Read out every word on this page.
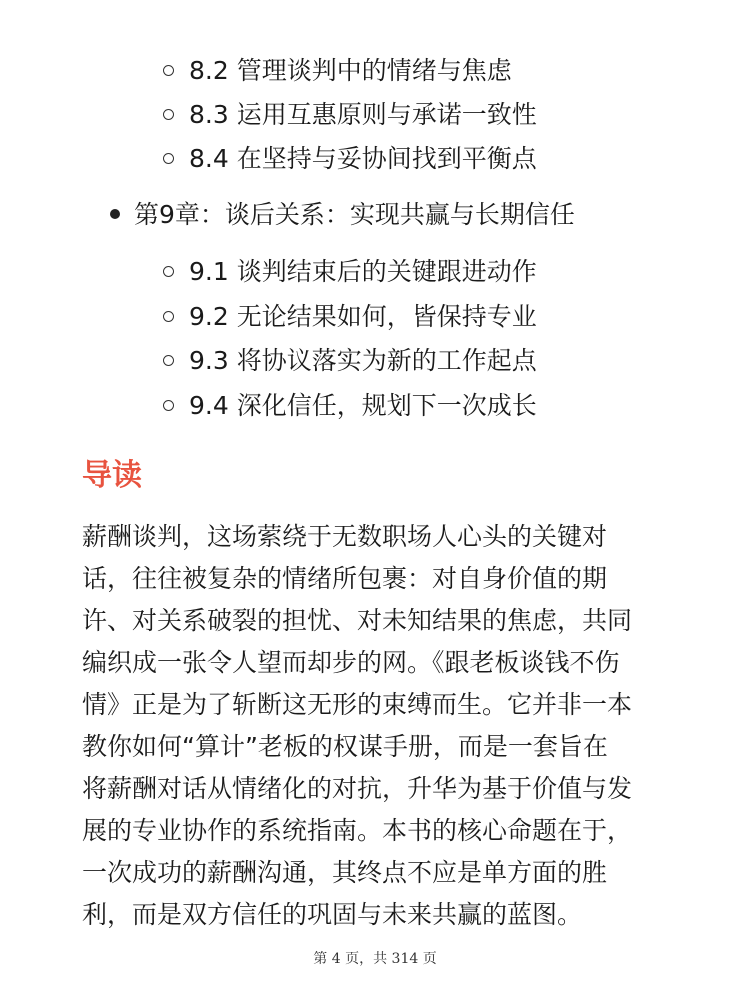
8.2 管理谈判中的情绪与焦虑
8.3 运用互惠原则与承诺一致性
8.4 在坚持与妥协间找到平衡点
第9章：谈后关系：实现共赢与长期信任
9.1 谈判结束后的关键跟进动作
9.2 无论结果如何，皆保持专业
9.3 将协议落实为新的工作起点
9.4 深化信任，规划下一次成长
导读
薪酬谈判，这场萦绕于无数职场人心头的关键对
话，往往被复杂的情绪所包裹：对自身价值的期
许、对关系破裂的担忧、对未知结果的焦虑，共同
编织成一张令人望而却步的网。《跟老板谈钱不伤
情》正是为了斩断这无形的束缚而生。它并非一本
教你如何“算计”老板的权谋手册，而是一套旨在
将薪酬对话从情绪化的对抗，升华为基于价值与发
展的专业协作的系统指南。本书的核心命题在于，
一次成功的薪酬沟通，其终点不应是单方面的胜
利，而是双方信任的巩固与未来共赢的蓝图。
第 4 页，共 314 页
